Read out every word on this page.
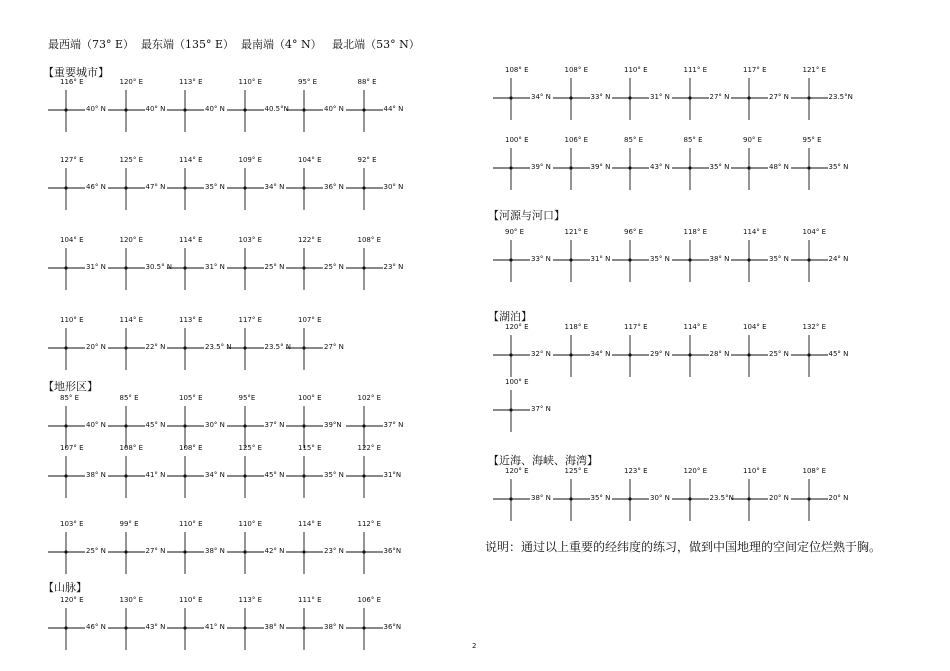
最西端（73° E）  最东端（135° E）  最南端（4° N）   最北端（53° N）
【重要城市】
116° E
40° N
120° E
40° N
113° E
40° N
110° E
40.5°N
95° E
40° N
88° E
44° N
127° E
46° N
125° E
47° N
114° E
35° N
109° E
34° N
104° E
36° N
92° E
30° N
104° E
31° N
120° E
30.5° N
114° E
31° N
103° E
25° N
122° E
25° N
108° E
23° N
110° E
20° N
114° E
22° N
113° E
23.5° N
117° E
23.5° N
107° E
27° N
【地形区】
85° E
40° N
85° E
45° N
105° E
30° N
95°E
37° N
100° E
39°N
102° E
37° N
107° E
38° N
108° E
41° N
108° E
34° N
125° E
45° N
115° E
35° N
122° E
31°N
103° E
25° N
99° E
27° N
110° E
38° N
110° E
42° N
114° E
23° N
112° E
36°N
【山脉】
120° E
46° N
130° E
43° N
110° E
41° N
113° E
38° N
111° E
38° N
106° E
36°N
108° E
34° N
108° E
33° N
110° E
31° N
111° E
27° N
117° E
27° N
121° E
23.5°N
100° E
39° N
106° E
39° N
85° E
43° N
85° E
35° N
90° E
48° N
95° E
35° N
【河源与河口】
90° E
33° N
121° E
31° N
96° E
35° N
118° E
38° N
114° E
35° N
104° E
24° N
【湖泊】
120° E
32° N
118° E
34° N
117° E
29° N
114° E
28° N
104° E
25° N
132° E
45° N
100° E
37° N
【近海、海峡、海湾】
120° E
38° N
125° E
35° N
123° E
30° N
120° E
23.5°N
110° E
20° N
108° E
20° N
说明：通过以上重要的经纬度的练习，做到中国地理的空间定位烂熟于胸。
2
